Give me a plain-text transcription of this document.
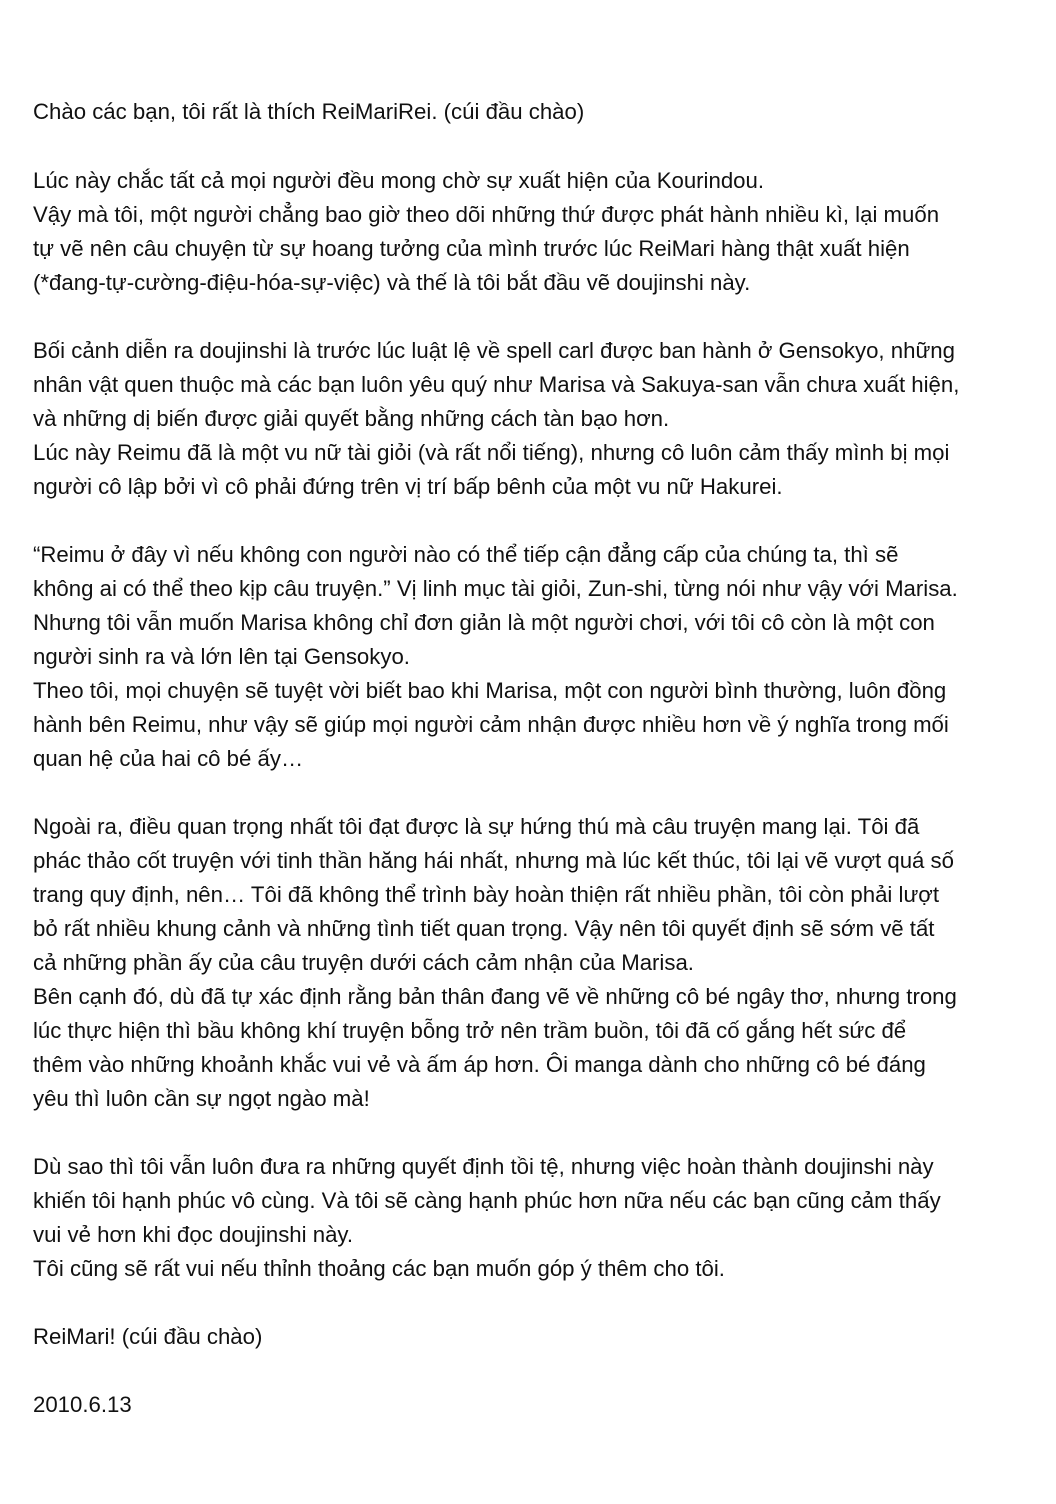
Chào các bạn, tôi rất là thích ReiMariRei. (cúi đầu chào)
Lúc này chắc tất cả mọi người đều mong chờ sự xuất hiện của Kourindou.
Vậy mà tôi, một người chẳng bao giờ theo dõi những thứ được phát hành nhiều kì, lại muốn
tự vẽ nên câu chuyện từ sự hoang tưởng của mình trước lúc ReiMari hàng thật xuất hiện
(*đang-tự-cường-điệu-hóa-sự-việc) và thế là tôi bắt đầu vẽ doujinshi này.
Bối cảnh diễn ra doujinshi là trước lúc luật lệ về spell carl được ban hành ở Gensokyo, những
nhân vật quen thuộc mà các bạn luôn yêu quý như Marisa và Sakuya-san vẫn chưa xuất hiện,
và những dị biến được giải quyết bằng những cách tàn bạo hơn.
Lúc này Reimu đã là một vu nữ tài giỏi (và rất nổi tiếng), nhưng cô luôn cảm thấy mình bị mọi
người cô lập bởi vì cô phải đứng trên vị trí bấp bênh của một vu nữ Hakurei.
“Reimu ở đây vì nếu không con người nào có thể tiếp cận đẳng cấp của chúng ta, thì sẽ
không ai có thể theo kịp câu truyện.” Vị linh mục tài giỏi, Zun-shi, từng nói như vậy với Marisa.
Nhưng tôi vẫn muốn Marisa không chỉ đơn giản là một người chơi, với tôi cô còn là một con
người sinh ra và lớn lên tại Gensokyo.
Theo tôi, mọi chuyện sẽ tuyệt vời biết bao khi Marisa, một con người bình thường, luôn đồng
hành bên Reimu, như vậy sẽ giúp mọi người cảm nhận được nhiều hơn về ý nghĩa trong mối
quan hệ của hai cô bé ấy…
Ngoài ra, điều quan trọng nhất tôi đạt được là sự hứng thú mà câu truyện mang lại. Tôi đã
phác thảo cốt truyện với tinh thần hăng hái nhất, nhưng mà lúc kết thúc, tôi lại vẽ vượt quá số
trang quy định, nên… Tôi đã không thể trình bày hoàn thiện rất nhiều phần, tôi còn phải lượt
bỏ rất nhiều khung cảnh và những tình tiết quan trọng. Vậy nên tôi quyết định sẽ sớm vẽ tất
cả những phần ấy của câu truyện dưới cách cảm nhận của Marisa.
Bên cạnh đó, dù đã tự xác định rằng bản thân đang vẽ về những cô bé ngây thơ, nhưng trong
lúc thực hiện thì bầu không khí truyện bỗng trở nên trầm buồn, tôi đã cố gắng hết sức để
thêm vào những khoảnh khắc vui vẻ và ấm áp hơn. Ôi manga dành cho những cô bé đáng
yêu thì luôn cần sự ngọt ngào mà!
Dù sao thì tôi vẫn luôn đưa ra những quyết định tồi tệ, nhưng việc hoàn thành doujinshi này
khiến tôi hạnh phúc vô cùng. Và tôi sẽ càng hạnh phúc hơn nữa nếu các bạn cũng cảm thấy
vui vẻ hơn khi đọc doujinshi này.
Tôi cũng sẽ rất vui nếu thỉnh thoảng các bạn muốn góp ý thêm cho tôi.
ReiMari! (cúi đầu chào)
2010.6.13
